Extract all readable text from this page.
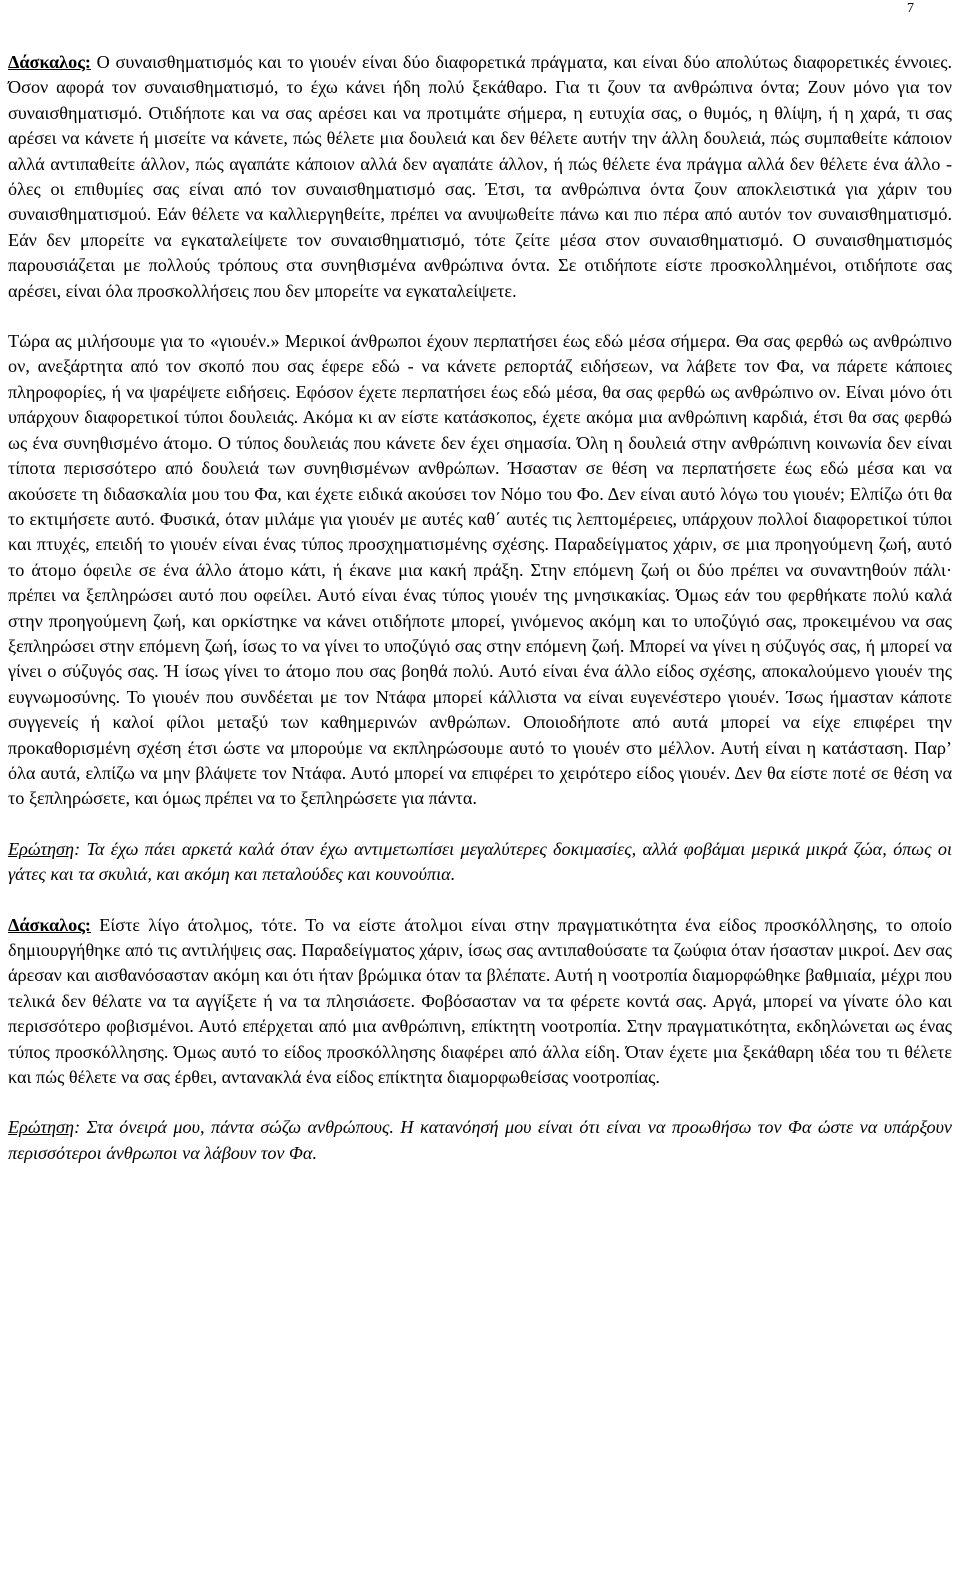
7

Δάσκαλος: Ο συναισθηματισμός και το γιουέν είναι δύο διαφορετικά πράγματα, και είναι δύο απολύτως διαφορετικές έννοιες. Όσον αφορά τον συναισθηματισμό, το έχω κάνει ήδη πολύ ξεκάθαρο. Για τι ζουν τα ανθρώπινα όντα; Ζουν μόνο για τον συναισθηματισμό. Οτιδήποτε και να σας αρέσει και να προτιμάτε σήμερα, η ευτυχία σας, ο θυμός, η θλίψη, ή η χαρά, τι σας αρέσει να κάνετε ή μισείτε να κάνετε, πώς θέλετε μια δουλειά και δεν θέλετε αυτήν την άλλη δουλειά, πώς συμπαθείτε κάποιον αλλά αντιπαθείτε άλλον, πώς αγαπάτε κάποιον αλλά δεν αγαπάτε άλλον, ή πώς θέλετε ένα πράγμα αλλά δεν θέλετε ένα άλλο - όλες οι επιθυμίες σας είναι από τον συναισθηματισμό σας. Έτσι, τα ανθρώπινα όντα ζουν αποκλειστικά για χάριν του συναισθηματισμού. Εάν θέλετε να καλλιεργηθείτε, πρέπει να ανυψωθείτε πάνω και πιο πέρα από αυτόν τον συναισθηματισμό. Εάν δεν μπορείτε να εγκαταλείψετε τον συναισθηματισμό, τότε ζείτε μέσα στον συναισθηματισμό. Ο συναισθηματισμός παρουσιάζεται με πολλούς τρόπους στα συνηθισμένα ανθρώπινα όντα. Σε οτιδήποτε είστε προσκολλημένοι, οτιδήποτε σας αρέσει, είναι όλα προσκολλήσεις που δεν μπορείτε να εγκαταλείψετε.

Τώρα ας μιλήσουμε για το «γιουέν.» Μερικοί άνθρωποι έχουν περπατήσει έως εδώ μέσα σήμερα. Θα σας φερθώ ως ανθρώπινο ον, ανεξάρτητα από τον σκοπό που σας έφερε εδώ - να κάνετε ρεπορτάζ ειδήσεων, να λάβετε τον Φα, να πάρετε κάποιες πληροφορίες, ή να ψαρέψετε ειδήσεις. Εφόσον έχετε περπατήσει έως εδώ μέσα, θα σας φερθώ ως ανθρώπινο ον. Είναι μόνο ότι υπάρχουν διαφορετικοί τύποι δουλειάς. Ακόμα κι αν είστε κατάσκοπος, έχετε ακόμα μια ανθρώπινη καρδιά, έτσι θα σας φερθώ ως ένα συνηθισμένο άτομο. Ο τύπος δουλειάς που κάνετε δεν έχει σημασία. Όλη η δουλειά στην ανθρώπινη κοινωνία δεν είναι τίποτα περισσότερο από δουλειά των συνηθισμένων ανθρώπων. Ήσασταν σε θέση να περπατήσετε έως εδώ μέσα και να ακούσετε τη διδασκαλία μου του Φα, και έχετε ειδικά ακούσει τον Νόμο του Φο. Δεν είναι αυτό λόγω του γιουέν; Ελπίζω ότι θα το εκτιμήσετε αυτό. Φυσικά, όταν μιλάμε για γιουέν με αυτές καθ΄ αυτές τις λεπτομέρειες, υπάρχουν πολλοί διαφορετικοί τύποι και πτυχές, επειδή το γιουέν είναι ένας τύπος προσχηματισμένης σχέσης. Παραδείγματος χάριν, σε μια προηγούμενη ζωή, αυτό το άτομο όφειλε σε ένα άλλο άτομο κάτι, ή έκανε μια κακή πράξη. Στην επόμενη ζωή οι δύο πρέπει να συναντηθούν πάλι· πρέπει να ξεπληρώσει αυτό που οφείλει. Αυτό είναι ένας τύπος γιουέν της μνησικακίας. Όμως εάν του φερθήκατε πολύ καλά στην προηγούμενη ζωή, και ορκίστηκε να κάνει οτιδήποτε μπορεί, γινόμενος ακόμη και το υποζύγιό σας, προκειμένου να σας ξεπληρώσει στην επόμενη ζωή, ίσως το να γίνει το υποζύγιό σας στην επόμενη ζωή. Μπορεί να γίνει η σύζυγός σας, ή μπορεί να γίνει ο σύζυγός σας. Ή ίσως γίνει το άτομο που σας βοηθά πολύ. Αυτό είναι ένα άλλο είδος σχέσης, αποκαλούμενο γιουέν της ευγνωμοσύνης. Το γιουέν που συνδέεται με τον Ντάφα μπορεί κάλλιστα να είναι ευγενέστερο γιουέν. Ίσως ήμασταν κάποτε συγγενείς ή καλοί φίλοι μεταξύ των καθημερινών ανθρώπων. Οποιοδήποτε από αυτά μπορεί να είχε επιφέρει την προκαθορισμένη σχέση έτσι ώστε να μπορούμε να εκπληρώσουμε αυτό το γιουέν στο μέλλον. Αυτή είναι η κατάσταση. Παρ’ όλα αυτά, ελπίζω να μην βλάψετε τον Ντάφα. Αυτό μπορεί να επιφέρει το χειρότερο είδος γιουέν. Δεν θα είστε ποτέ σε θέση να το ξεπληρώσετε, και όμως πρέπει να το ξεπληρώσετε για πάντα.

Ερώτηση: Τα έχω πάει αρκετά καλά όταν έχω αντιμετωπίσει μεγαλύτερες δοκιμασίες, αλλά φοβάμαι μερικά μικρά ζώα, όπως οι γάτες και τα σκυλιά, και ακόμη και πεταλούδες και κουνούπια.

Δάσκαλος: Είστε λίγο άτολμος, τότε. Το να είστε άτολμοι είναι στην πραγματικότητα ένα είδος προσκόλλησης, το οποίο δημιουργήθηκε από τις αντιλήψεις σας. Παραδείγματος χάριν, ίσως σας αντιπαθούσατε τα ζωύφια όταν ήσασταν μικροί. Δεν σας άρεσαν και αισθανόσασταν ακόμη και ότι ήταν βρώμικα όταν τα βλέπατε. Αυτή η νοοτροπία διαμορφώθηκε βαθμιαία, μέχρι που τελικά δεν θέλατε να τα αγγίξετε ή να τα πλησιάσετε. Φοβόσασταν να τα φέρετε κοντά σας. Αργά, μπορεί να γίνατε όλο και περισσότερο φοβισμένοι. Αυτό επέρχεται από μια ανθρώπινη, επίκτητη νοοτροπία. Στην πραγματικότητα, εκδηλώνεται ως ένας τύπος προσκόλλησης. Όμως αυτό το είδος προσκόλλησης διαφέρει από άλλα είδη. Όταν έχετε μια ξεκάθαρη ιδέα του τι θέλετε και πώς θέλετε να σας έρθει, αντανακλά ένα είδος επίκτητα διαμορφωθείσας νοοτροπίας.

Ερώτηση: Στα όνειρά μου, πάντα σώζω ανθρώπους. Η κατανόησή μου είναι ότι είναι να προωθήσω τον Φα ώστε να υπάρξουν περισσότεροι άνθρωποι να λάβουν τον Φα.
